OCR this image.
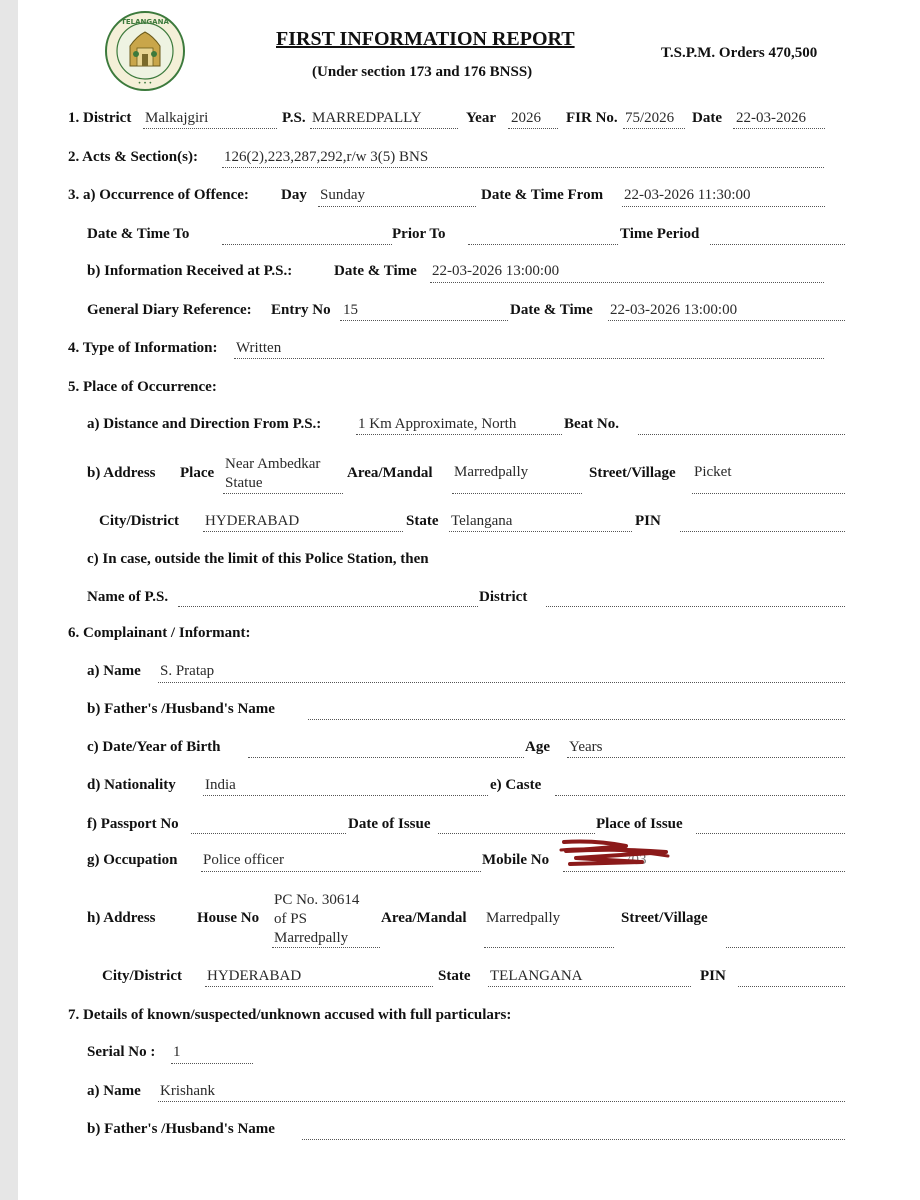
TELANGANA
• • •
FIRST INFORMATION REPORT
(Under section 173 and 176 BNSS)
T.S.P.M. Orders 470,500
1. District Malkajgiri	P.S. MARREDPALLY	Year 2026 FIR No. 75/2026 Date 22-03-2026
2. Acts & Section(s): 126(2),223,287,292,r/w 3(5) BNS
3. a) Occurrence of Offence: Day Sunday	Date & Time From 22-03-2026 11:30:00
Date & Time To	Prior To	Time Period
b) Information Received at P.S.:	Date & Time 22-03-2026 13:00:00
General Diary Reference: Entry No 15	Date & Time 22-03-2026 13:00:00
4. Type of Information: Written
5. Place of Occurrence:
a) Distance and Direction From P.S.: 1 Km Approximate, North	Beat No.
b) Address Place
Near Ambedkar
Statue
Area/Mandal Marredpally	Street/Village Picket
City/District HYDERABAD	State Telangana	PIN
c) In case, outside the limit of this Police Station, then
Name of P.S.	District
6. Complainant / Informant:
a) Name S. Pratap
b) Father's /Husband's Name
c) Date/Year of Birth	Age Years
d) Nationality India	e) Caste
f) Passport No	Date of Issue	Place of Issue
g) Occupation Police officer	Mobile No	703
h) Address	House No
PC No. 30614
of PS
Marredpally
Area/Mandal Marredpally	Street/Village
City/District HYDERABAD	State TELANGANA	PIN
7. Details of known/suspected/unknown accused with full particulars:
Serial No : 1
a) Name Krishank
b) Father's /Husband's Name
